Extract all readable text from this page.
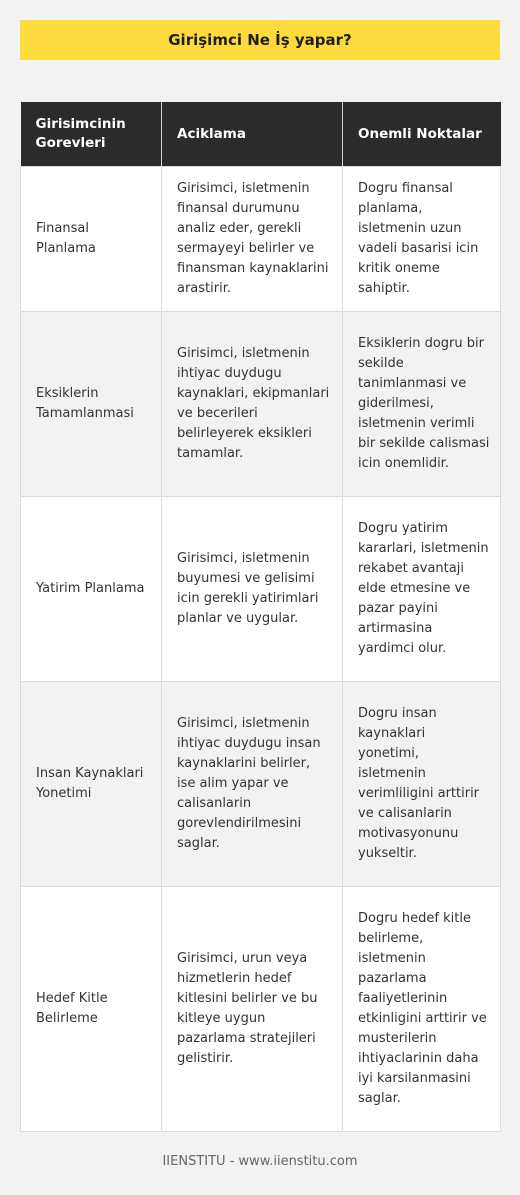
Girişimci Ne İş yapar?
Girisimcinin Gorevleri	Aciklama	Onemli Noktalar
Finansal Planlama	Girisimci, isletmenin finansal durumunu analiz eder, gerekli sermayeyi belirler ve finansman kaynaklarini arastirir.	Dogru finansal planlama, isletmenin uzun vadeli basarisi icin kritik oneme sahiptir.
Eksiklerin Tamamlanmasi	Girisimci, isletmenin ihtiyac duydugu kaynaklari, ekipmanlari ve becerileri belirleyerek eksikleri tamamlar.	Eksiklerin dogru bir sekilde tanimlanmasi ve giderilmesi, isletmenin verimli bir sekilde calismasi icin onemlidir.
Yatirim Planlama	Girisimci, isletmenin buyumesi ve gelisimi icin gerekli yatirimlari planlar ve uygular.	Dogru yatirim kararlari, isletmenin rekabet avantaji elde etmesine ve pazar payini artirmasina yardimci olur.
Insan Kaynaklari Yonetimi	Girisimci, isletmenin ihtiyac duydugu insan kaynaklarini belirler, ise alim yapar ve calisanlarin gorevlendirilmesini saglar.	Dogru insan kaynaklari yonetimi, isletmenin verimliligini arttirir ve calisanlarin motivasyonunu yukseltir.
Hedef Kitle Belirleme	Girisimci, urun veya hizmetlerin hedef kitlesini belirler ve bu kitleye uygun pazarlama stratejileri gelistirir.	Dogru hedef kitle belirleme, isletmenin pazarlama faaliyetlerinin etkinligini arttirir ve musterilerin ihtiyaclarinin daha iyi karsilanmasini saglar.
IIENSTITU - www.iienstitu.com
